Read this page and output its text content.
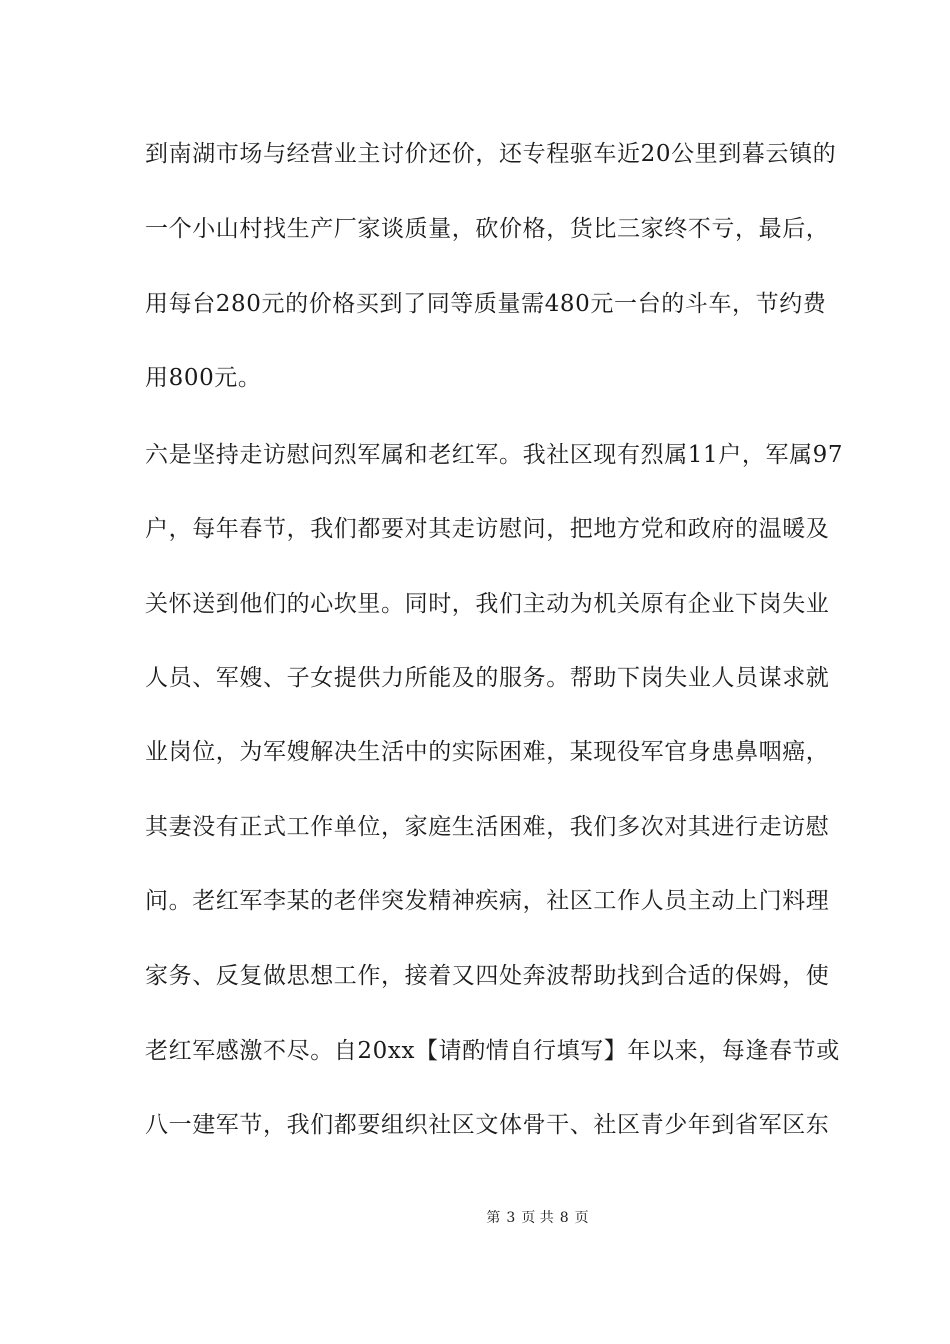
到南湖市场与经营业主讨价还价，还专程驱车近20公里到暮云镇的
一个小山村找生产厂家谈质量，砍价格，货比三家终不亏，最后，
用每台280元的价格买到了同等质量需480元一台的斗车，节约费
用800元。
六是坚持走访慰问烈军属和老红军。我社区现有烈属11户，军属97
户，每年春节，我们都要对其走访慰问，把地方党和政府的温暖及
关怀送到他们的心坎里。同时，我们主动为机关原有企业下岗失业
人员、军嫂、子女提供力所能及的服务。帮助下岗失业人员谋求就
业岗位，为军嫂解决生活中的实际困难，某现役军官身患鼻咽癌，
其妻没有正式工作单位，家庭生活困难，我们多次对其进行走访慰
问。老红军李某的老伴突发精神疾病，社区工作人员主动上门料理
家务、反复做思想工作，接着又四处奔波帮助找到合适的保姆，使
老红军感激不尽。自20xx【请酌情自行填写】年以来，每逢春节或
八一建军节，我们都要组织社区文体骨干、社区青少年到省军区东
第 3 页 共 8 页
